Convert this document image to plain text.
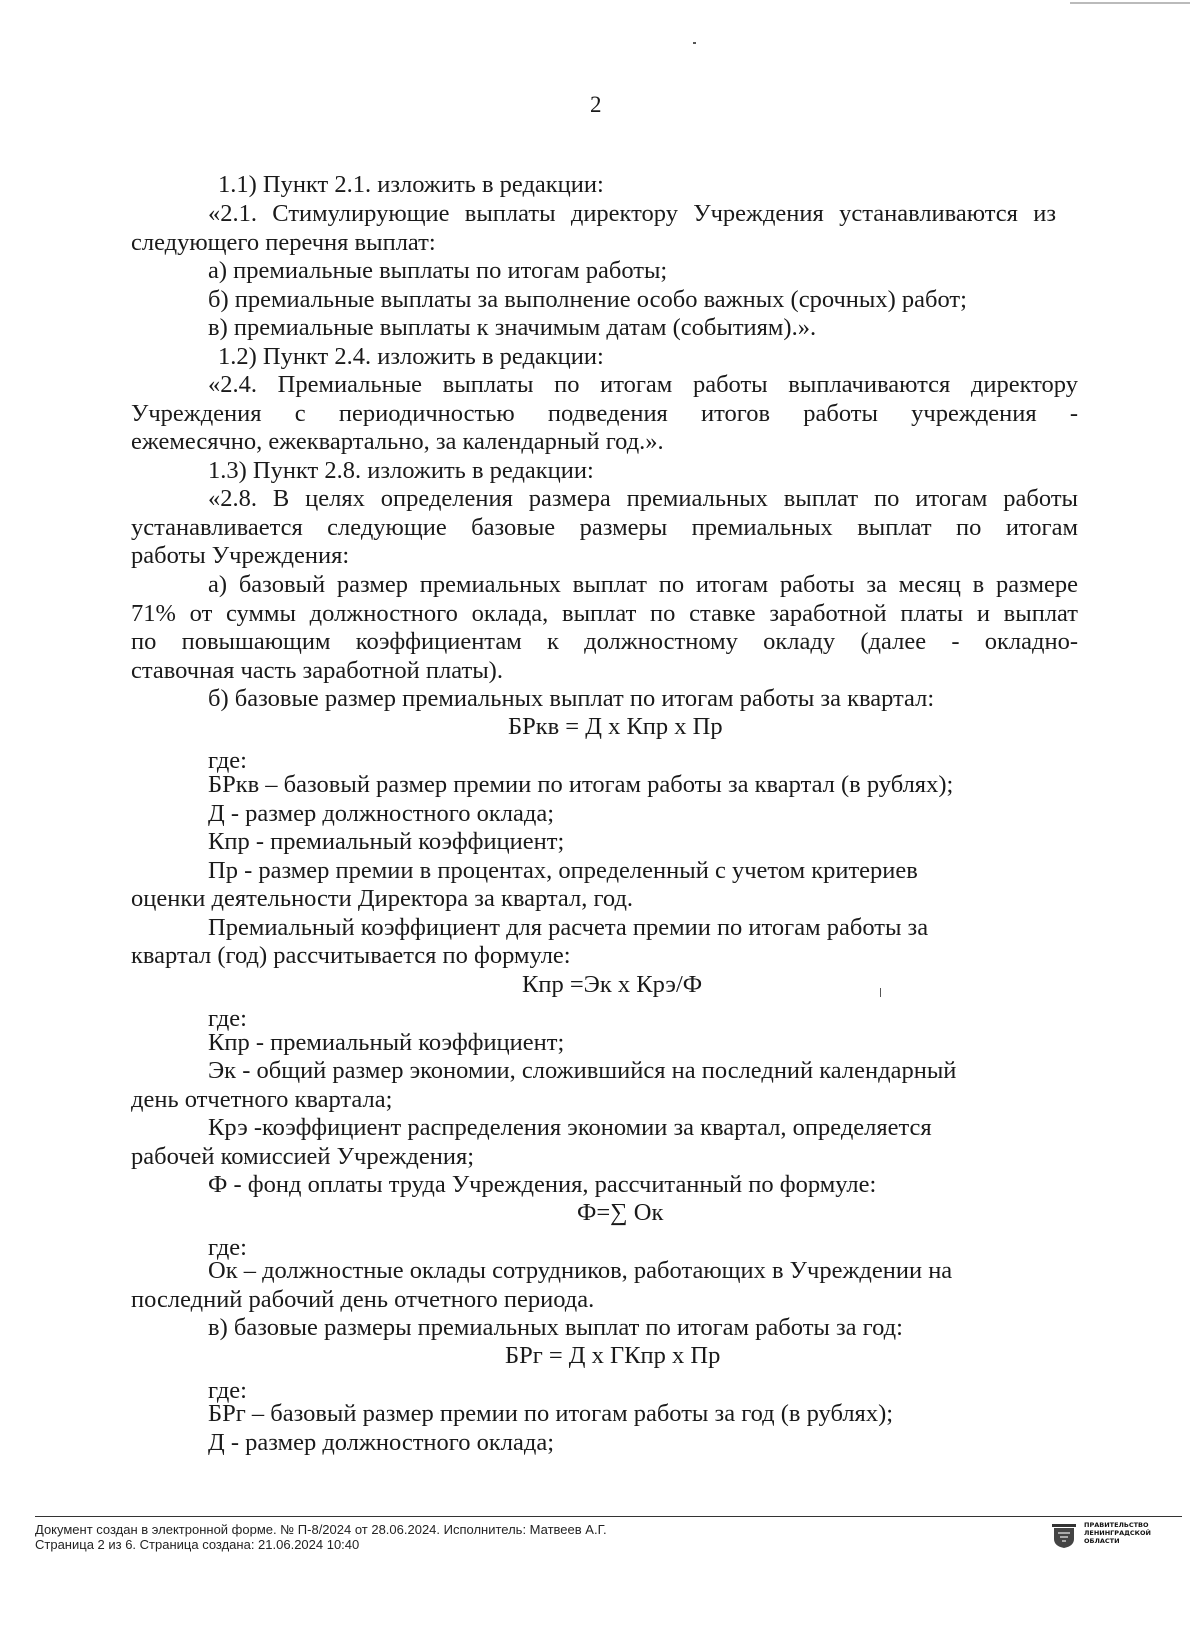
2

1.1) Пункт 2.1. изложить в редакции:

«2.1. Стимулирующие выплаты директору Учреждения устанавливаются из

следующего перечня выплат:

а) премиальные выплаты по итогам работы;

б) премиальные выплаты за выполнение особо важных (срочных) работ;

в) премиальные выплаты к значимым датам (событиям).».

1.2) Пункт 2.4. изложить в редакции:

«2.4. Премиальные выплаты по итогам работы выплачиваются директору

Учреждения с периодичностью подведения итогов работы учреждения -

ежемесячно, ежеквартально, за календарный год.».

1.3) Пункт 2.8. изложить в редакции:

«2.8. В целях определения размера премиальных выплат по итогам работы

устанавливается следующие базовые размеры премиальных выплат по итогам

работы Учреждения:

а) базовый размер премиальных выплат по итогам работы за месяц в размере

71% от суммы должностного оклада, выплат по ставке заработной платы и выплат

по повышающим коэффициентам к должностному окладу (далее - окладно-

ставочная часть заработной платы).

б) базовые размер премиальных выплат по итогам работы за квартал:

БРкв = Д х Кпр х Пр

где:

БРкв – базовый размер премии по итогам работы за квартал (в рублях);

Д - размер должностного оклада;

Кпр - премиальный коэффициент;

Пр - размер премии в процентах, определенный с учетом критериев

оценки деятельности Директора за квартал, год.

Премиальный коэффициент для расчета премии по итогам работы за

квартал (год) рассчитывается по формуле:

Кпр =Эк х Крэ/Ф

где:

Кпр - премиальный коэффициент;

Эк - общий размер экономии, сложившийся на последний календарный

день отчетного квартала;

Крэ -коэффициент распределения экономии за квартал, определяется

рабочей комиссией Учреждения;

Ф - фонд оплаты труда Учреждения, рассчитанный по формуле:

Ф=∑ Ок

где:

Ок – должностные оклады сотрудников, работающих в Учреждении на

последний рабочий день отчетного периода.

в) базовые размеры премиальных выплат по итогам работы за год:

БРг = Д х ГКпр х Пр

где:

БРг – базовый размер премии по итогам работы за год (в рублях);

Д - размер должностного оклада;

Документ создан в электронной форме. № П-8/2024 от 28.06.2024. Исполнитель: Матвеев А.Г.
Страница 2 из 6. Страница создана: 21.06.2024 10:40
ПРАВИТЕЛЬСТВО
ЛЕНИНГРАДСКОЙ
ОБЛАСТИ
